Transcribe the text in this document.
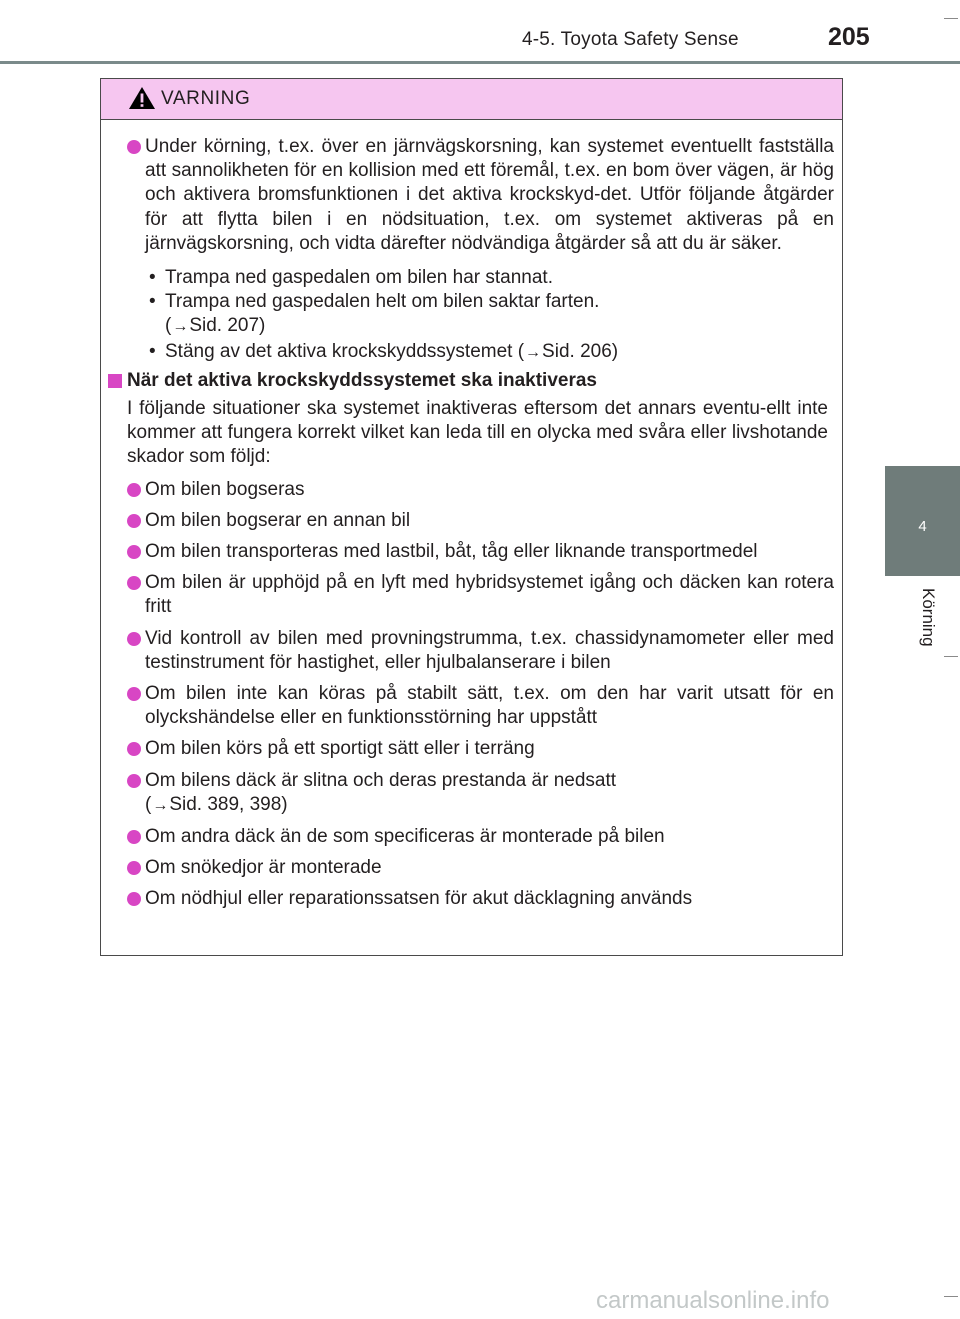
4-5. Toyota Safety Sense	205
4
Körning
VARNING
Under körning, t.ex. över en järnvägskorsning, kan systemet eventuellt fastställa att sannolikheten för en kollision med ett föremål, t.ex. en bom över vägen, är hög och aktivera bromsfunktionen i det aktiva krockskyd-det. Utför följande åtgärder för att flytta bilen i en nödsituation, t.ex. om systemet aktiveras på en järnvägskorsning, och vidta därefter nödvändiga åtgärder så att du är säker.
• Trampa ned gaspedalen om bilen har stannat.
• Trampa ned gaspedalen helt om bilen saktar farten.
(→Sid. 207)
• Stäng av det aktiva krockskyddssystemet (→Sid. 206)
När det aktiva krockskyddssystemet ska inaktiveras
I följande situationer ska systemet inaktiveras eftersom det annars eventu-ellt inte kommer att fungera korrekt vilket kan leda till en olycka med svåra eller livshotande skador som följd:
Om bilen bogseras
Om bilen bogserar en annan bil
Om bilen transporteras med lastbil, båt, tåg eller liknande transportmedel
Om bilen är upphöjd på en lyft med hybridsystemet igång och däcken kan rotera fritt
Vid kontroll av bilen med provningstrumma, t.ex. chassidynamometer eller med testinstrument för hastighet, eller hjulbalanserare i bilen
Om bilen inte kan köras på stabilt sätt, t.ex. om den har varit utsatt för en olyckshändelse eller en funktionsstörning har uppstått
Om bilen körs på ett sportigt sätt eller i terräng
Om bilens däck är slitna och deras prestanda är nedsatt
(→Sid. 389, 398)
Om andra däck än de som specificeras är monterade på bilen
Om snökedjor är monterade
Om nödhjul eller reparationssatsen för akut däcklagning används
carmanualsonline.info
